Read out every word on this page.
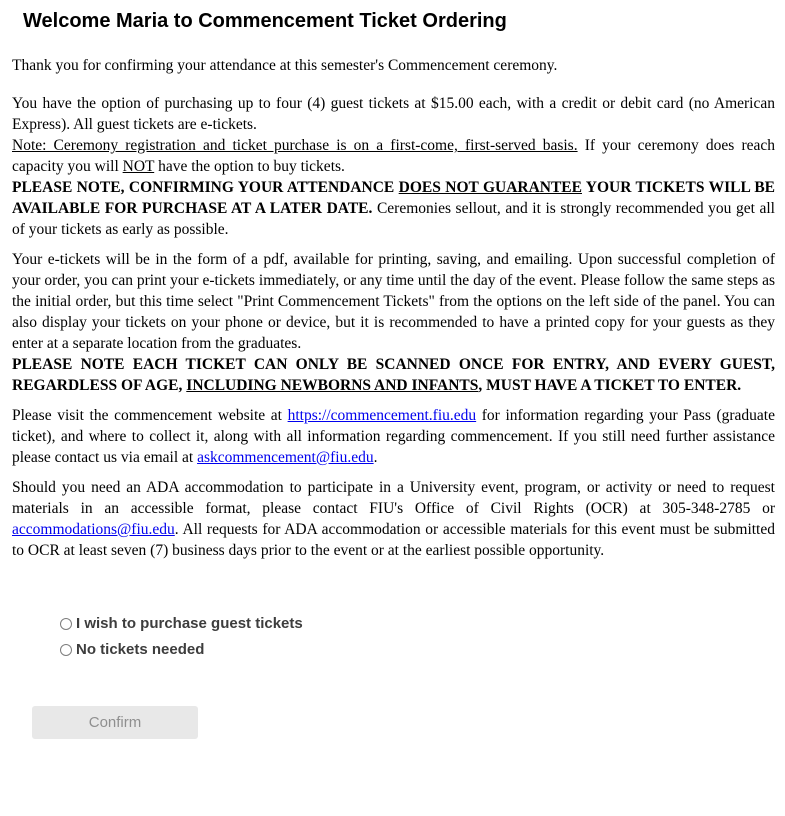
Welcome Maria to Commencement Ticket Ordering

Thank you for confirming your attendance at this semester's Commencement ceremony.

You have the option of purchasing up to four (4) guest tickets at $15.00 each, with a credit or debit card (no American Express). All guest tickets are e-tickets.
Note: Ceremony registration and ticket purchase is on a first-come, first-served basis. If your ceremony does reach capacity you will NOT have the option to buy tickets.
PLEASE NOTE, CONFIRMING YOUR ATTENDANCE DOES NOT GUARANTEE YOUR TICKETS WILL BE AVAILABLE FOR PURCHASE AT A LATER DATE. Ceremonies sellout, and it is strongly recommended you get all of your tickets as early as possible.

Your e-tickets will be in the form of a pdf, available for printing, saving, and emailing. Upon successful completion of your order, you can print your e-tickets immediately, or any time until the day of the event. Please follow the same steps as the initial order, but this time select "Print Commencement Tickets" from the options on the left side of the panel. You can also display your tickets on your phone or device, but it is recommended to have a printed copy for your guests as they enter at a separate location from the graduates.
PLEASE NOTE EACH TICKET CAN ONLY BE SCANNED ONCE FOR ENTRY, AND EVERY GUEST, REGARDLESS OF AGE, INCLUDING NEWBORNS AND INFANTS, MUST HAVE A TICKET TO ENTER.

Please visit the commencement website at https://commencement.fiu.edu for information regarding your Pass (graduate ticket), and where to collect it, along with all information regarding commencement. If you still need further assistance please contact us via email at askcommencement@fiu.edu.

Should you need an ADA accommodation to participate in a University event, program, or activity or need to request materials in an accessible format, please contact FIU's Office of Civil Rights (OCR) at 305-348-2785 or accommodations@fiu.edu. All requests for ADA accommodation or accessible materials for this event must be submitted to OCR at least seven (7) business days prior to the event or at the earliest possible opportunity.

I wish to purchase guest tickets
No tickets needed
Confirm
